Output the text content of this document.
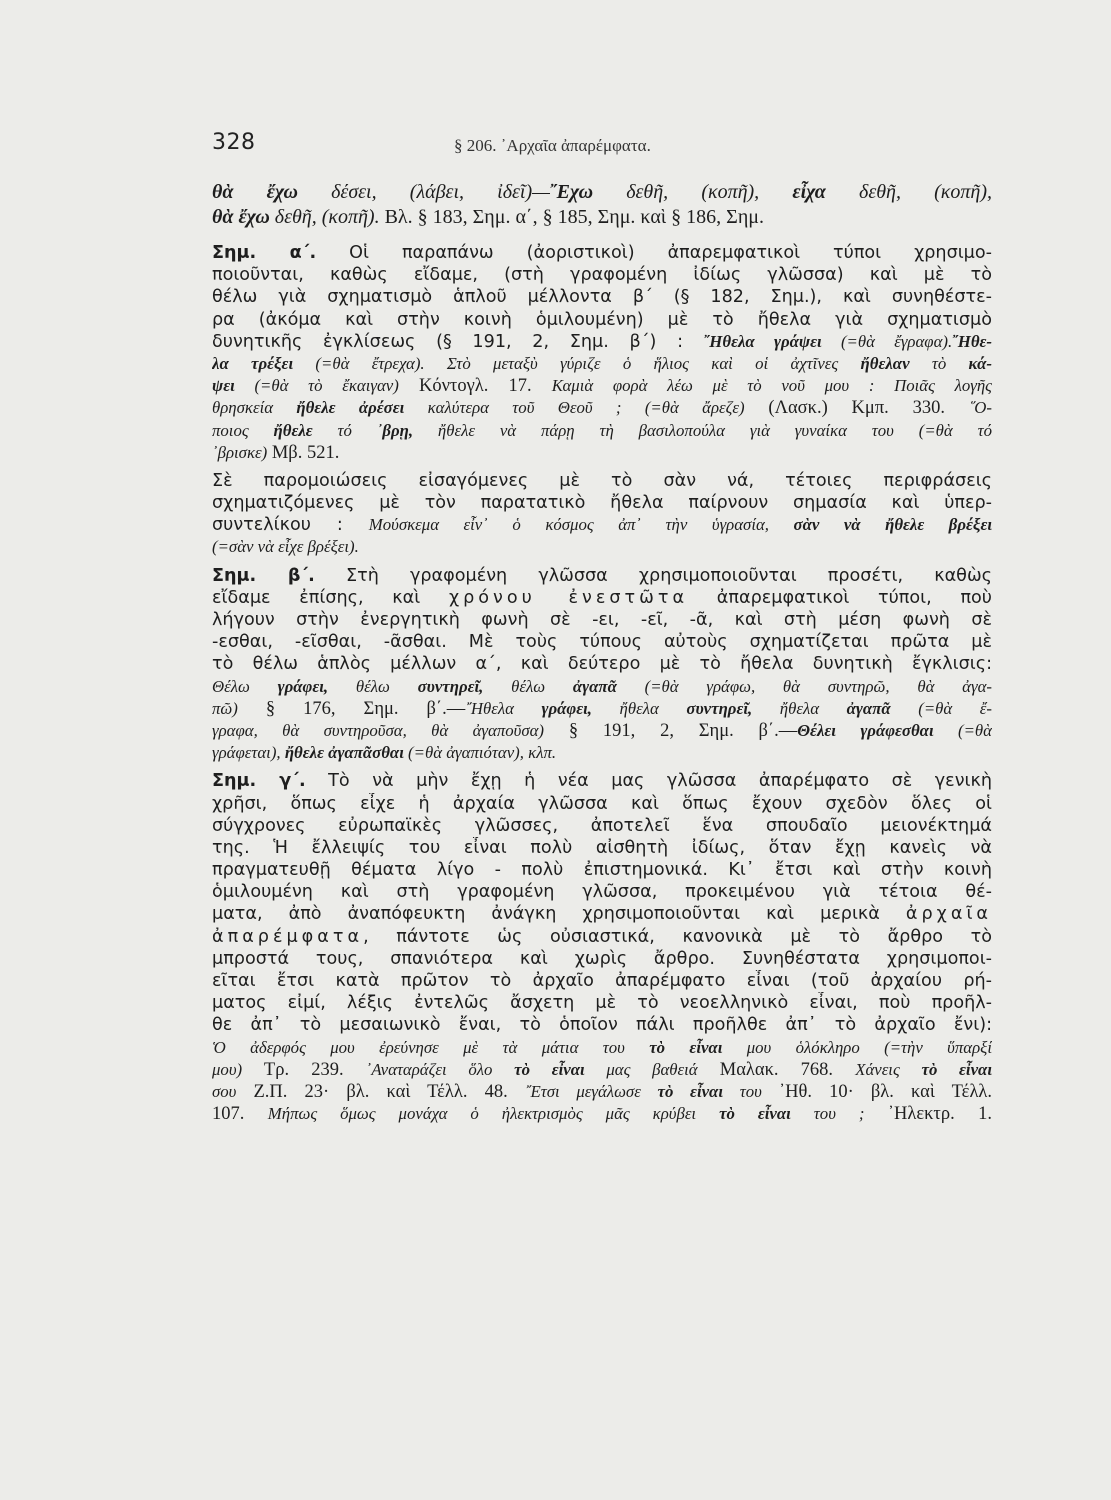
328	§ 206. ᾿Αρχαῖα ἀπαρέμφατα.
θὰ ἔχω δέσει, (λάβει, ἰδεῖ)—῎Εχω δεθῆ, (κοπῆ), εἶχα δεθῆ, (κοπῆ),
θὰ ἔχω δεθῆ, (κοπῆ). Βλ. § 183, Σημ. α΄, § 185, Σημ. καὶ § 186, Σημ.
Σημ. α΄. Οἱ παραπάνω (ἀοριστικοὶ) ἀπαρεμφατικοὶ τύποι χρησιμο-
ποιοῦνται, καθὼς εἴδαμε, (στὴ γραφομένη ἰδίως γλῶσσα) καὶ μὲ τὸ
θέλω γιὰ σχηματισμὸ ἁπλοῦ μέλλοντα β΄ (§ 182, Σημ.), καὶ συνηθέστε-
ρα (ἀκόμα καὶ στὴν κοινὴ ὁμιλουμένη) μὲ τὸ ἤθελα γιὰ σχηματισμὸ
δυνητικῆς ἐγκλίσεως (§ 191, 2, Σημ. β΄) : ῎Ηθελα γράψει (=θὰ ἔγραφα).῎Ηθε-
λα τρέξει (=θὰ ἔτρεχα). Στὸ μεταξὺ γύριζε ὁ ἥλιος καὶ οἱ ἀχτῖνες ἤθελαν τὸ κά-
ψει (=θὰ τὸ ἔκαιγαν) Κόντογλ. 17. Καμιὰ φορὰ λέω μὲ τὸ νοῦ μου : Ποιᾶς λογῆς
θρησκεία ἤθελε ἀρέσει καλύτερα τοῦ Θεοῦ ; (=θὰ ἄρεζε) (Λασκ.) Κμπ. 330. ῞Ο-
ποιος ἤθελε τό ᾿βρῃ, ἤθελε νὰ πάρῃ τὴ βασιλοπούλα γιὰ γυναίκα του (=θὰ τό
᾿βρισκε) Μβ. 521.
Σὲ παρομοιώσεις εἰσαγόμενες μὲ τὸ σὰν νά, τέτοιες περιφράσεις
σχηματιζόμενες μὲ τὸν παρατατικὸ ἤθελα παίρνουν σημασία καὶ ὑπερ-
συντελίκου : Μούσκεμα εἶν᾿ ὁ κόσμος ἀπ᾿ τὴν ὑγρασία, σὰν νὰ ἤθελε βρέξει
(=σὰν νὰ εἶχε βρέξει).
Σημ. β΄. Στὴ γραφομένη γλῶσσα χρησιμοποιοῦνται προσέτι, καθὼς
εἴδαμε ἐπίσης, καὶ χρόνου ἐνεστῶτα ἀπαρεμφατικοὶ τύποι, ποὺ
λήγουν στὴν ἐνεργητικὴ φωνὴ σὲ -ει, -εῖ, -ᾶ, καὶ στὴ μέση φωνὴ σὲ
-εσθαι, -εῖσθαι, -ᾶσθαι. Μὲ τοὺς τύπους αὐτοὺς σχηματίζεται πρῶτα μὲ
τὸ θέλω ἁπλὸς μέλλων α΄, καὶ δεύτερο μὲ τὸ ἤθελα δυνητικὴ ἔγκλισις:
Θέλω γράφει, θέλω συντηρεῖ, θέλω ἀγαπᾶ (=θὰ γράφω, θὰ συντηρῶ, θὰ ἀγα-
πῶ) § 176, Σημ. β΄.—῎Ηθελα γράφει, ἤθελα συντηρεῖ, ἤθελα ἀγαπᾶ (=θὰ ἔ-
γραφα, θὰ συντηροῦσα, θὰ ἀγαποῦσα) § 191, 2, Σημ. β΄.—Θέλει γράφεσθαι (=θὰ
γράφεται), ἤθελε ἀγαπᾶσθαι (=θὰ ἀγαπιόταν), κλπ.
Σημ. γ΄. Τὸ νὰ μὴν ἔχῃ ἡ νέα μας γλῶσσα ἀπαρέμφατο σὲ γενικὴ
χρῆσι, ὅπως εἶχε ἡ ἀρχαία γλῶσσα καὶ ὅπως ἔχουν σχεδὸν ὅλες οἱ
σύγχρονες εὐρωπαϊκὲς γλῶσσες, ἀποτελεῖ ἕνα σπουδαῖο μειονέκτημά
της. Ἡ ἔλλειψίς του εἶναι πολὺ αἰσθητὴ ἰδίως, ὅταν ἔχῃ κανεὶς νὰ
πραγματευθῇ θέματα λίγο - πολὺ ἐπιστημονικά. Κι᾿ ἔτσι καὶ στὴν κοινὴ
ὁμιλουμένη καὶ στὴ γραφομένη γλῶσσα, προκειμένου γιὰ τέτοια θέ-
ματα, ἀπὸ ἀναπόφευκτη ἀνάγκη χρησιμοποιοῦνται καὶ μερικὰ ἀρχαῖα
ἀπαρέμφατα, πάντοτε ὡς οὐσιαστικά, κανονικὰ μὲ τὸ ἄρθρο τὸ
μπροστά τους, σπανιότερα καὶ χωρὶς ἄρθρο. Συνηθέστατα χρησιμοποι-
εῖται ἔτσι κατὰ πρῶτον τὸ ἀρχαῖο ἀπαρέμφατο εἶναι (τοῦ ἀρχαίου ρή-
ματος εἰμί, λέξις ἐντελῶς ἄσχετη μὲ τὸ νεοελληνικὸ εἶναι, ποὺ προῆλ-
θε ἀπ᾿ τὸ μεσαιωνικὸ ἔναι, τὸ ὁποῖον πάλι προῆλθε ἀπ᾿ τὸ ἀρχαῖο ἔνι):
Ὁ ἀδερφός μου ἐρεύνησε μὲ τὰ μάτια του τὸ εἶναι μου ὁλόκληρο (=τὴν ὕπαρξί
μου) Τρ. 239. ᾿Αναταράζει ὅλο τὸ εἶναι μας βαθειά Μαλακ. 768. Χάνεις τὸ εἶναι
σου Ζ.Π. 23· βλ. καὶ Τέλλ. 48. ῎Ετσι μεγάλωσε τὸ εἶναι του ᾿Ηθ. 10· βλ. καὶ Τέλλ.
107. Μήπως ὅμως μονάχα ὁ ἠλεκτρισμὸς μᾶς κρύβει τὸ εἶναι του ; ᾿Ηλεκτρ. 1.
